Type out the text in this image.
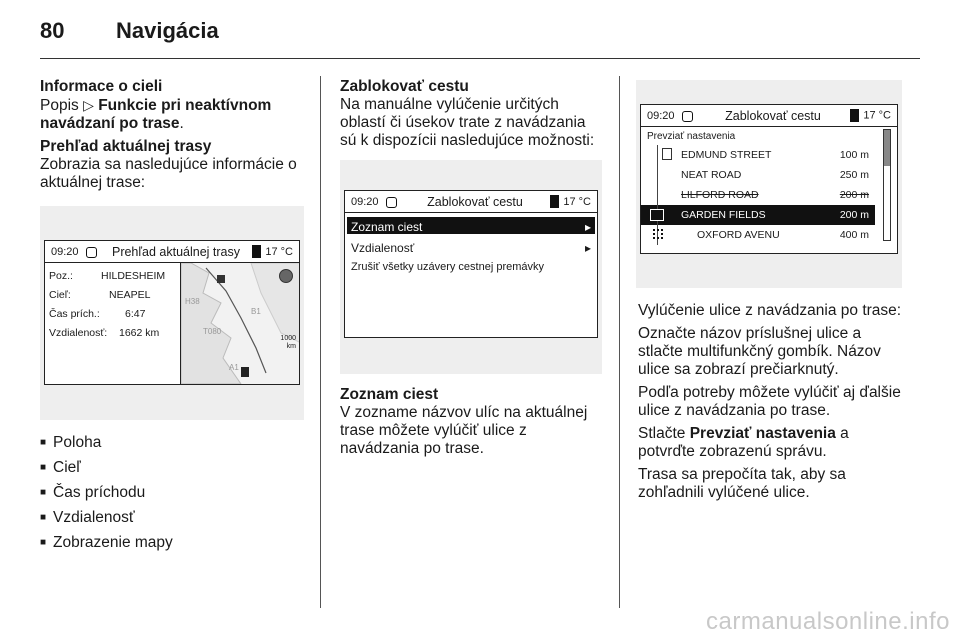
80	Navigácia
Informace o cieli
Popis ▷ Funkcie pri neaktívnom navádzaní po trase.
Prehľad aktuálnej trasy
Zobrazia sa nasledujúce informácie o aktuálnej trase:
09:20	Prehľad aktuálnej trasy	17 °C
Poz.:	HILDESHEIM
Cieľ:	NEAPEL
Čas prích.:	6:47
Vzdialenosť:	1662 km
H38
B1
T080
A1
1000 km
■ Poloha
■ Cieľ
■ Čas príchodu
■ Vzdialenosť
■ Zobrazenie mapy
Zablokovať cestu
Na manuálne vylúčenie určitých oblastí či úsekov trate z navádzania sú k dispozícii nasledujúce možnosti:
09:20	Zablokovať cestu	17 °C
Zoznam ciest	▸
Vzdialenosť	▸
Zrušiť všetky uzávery cestnej premávky
Zoznam ciest
V zozname názvov ulíc na aktuálnej trase môžete vylúčiť ulice z navádzania po trase.
09:20	Zablokovať cestu	17 °C
Prevziať nastavenia
EDMUND STREET	100 m
NEAT ROAD	250 m
LILFORD ROAD	200 m
GARDEN FIELDS	200 m
OXFORD AVENU	400 m
Vylúčenie ulice z navádzania po trase:
Označte názov príslušnej ulice a stlačte multifunkčný gombík. Názov ulice sa zobrazí prečiarknutý.
Podľa potreby môžete vylúčiť aj ďalšie ulice z navádzania po trase.
Stlačte Prevziať nastavenia a potvrďte zobrazenú správu.
Trasa sa prepočíta tak, aby sa zohľadnili vylúčené ulice.
carmanualsonline.info
